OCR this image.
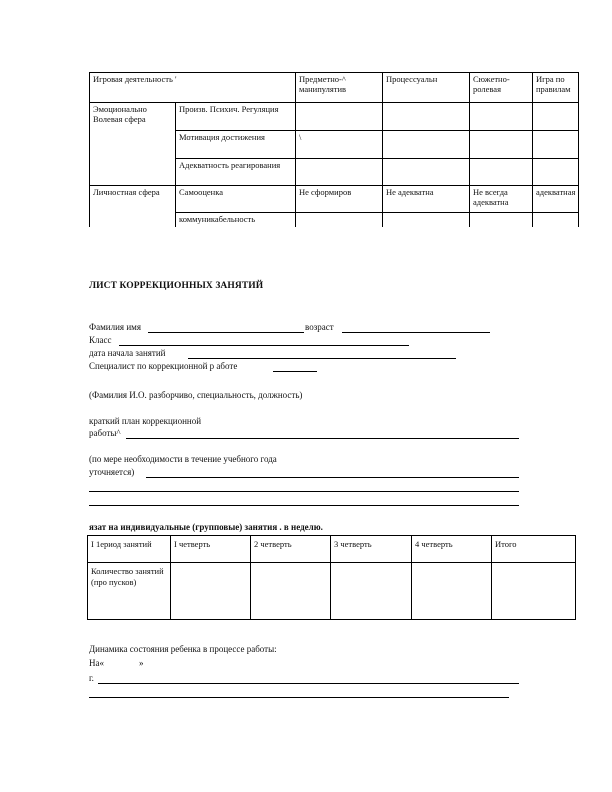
Игровая деятельность '		Предметно-^ манипулятив	Процессуальн	Сюжетно-ролевая	Игра по правилам
Эмоционально Волевая сфера	Произв. Психич. Регуляция				
	Мотивация достижения	\			
	Адекватность реагирования				
Личностная сфера	Самооценка	Не сформиров	Не адекватна	Не всегда адекватна	адекватная
	коммуникабельность				
ЛИСТ КОРРЕКЦИОННЫХ ЗАНЯТИЙ
Фамилия имя	возраст
Класс
дата начала занятий
Специалист по коррекционной р аботе
(Фамилия И.О. разборчиво, специальность, должность)
краткий план коррекционной
работы^
(по мере необходимости в течение учебного года
уточняется)
язат на индивидуальные (групповые) занятия . в неделю.
I 1ериод занятий	I четверть	2 четверть	3 четверть	4 четверть	Итого
Количество занятий (про пусков)					
Динамика состояния ребенка в процессе работы:
На«	»
г.
